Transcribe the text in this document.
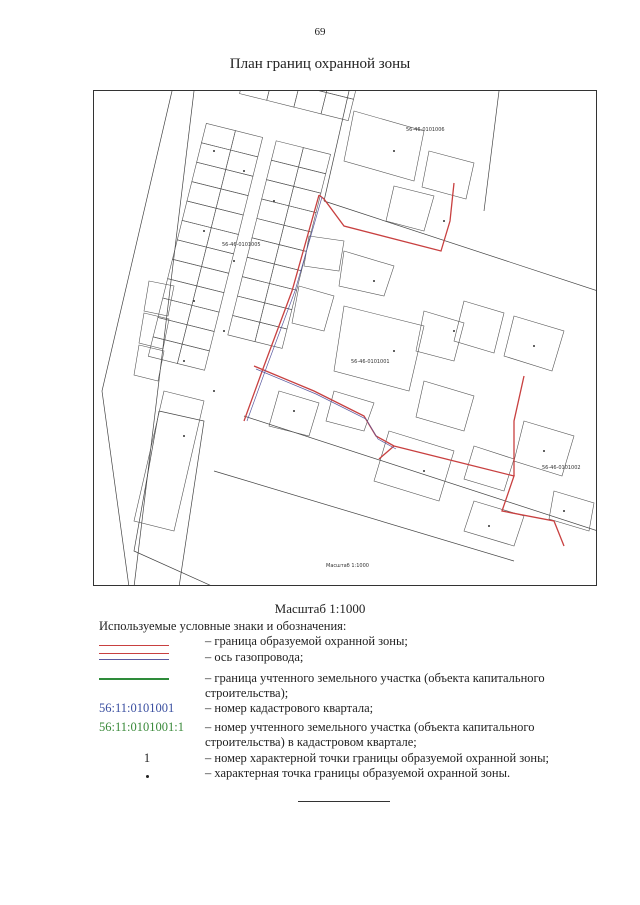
69
План границ охранной зоны
56-46-0101006
56-46-0101005
56-46-0101001
56-46-0101002
Масштаб 1:1000
Масштаб 1:1000
Используемые условные знаки и обозначения:
– граница образуемой охранной зоны;
– ось газопровода;
– граница учтенного земельного участка (объекта капитального строительства);
56:11:0101001	– номер кадастрового квартала;
56:11:0101001:1	– номер учтенного земельного участка (объекта капитального строительства) в кадастровом квартале;
1	– номер характерной точки границы образуемой охранной зоны;
– характерная точка границы образуемой охранной зоны.
